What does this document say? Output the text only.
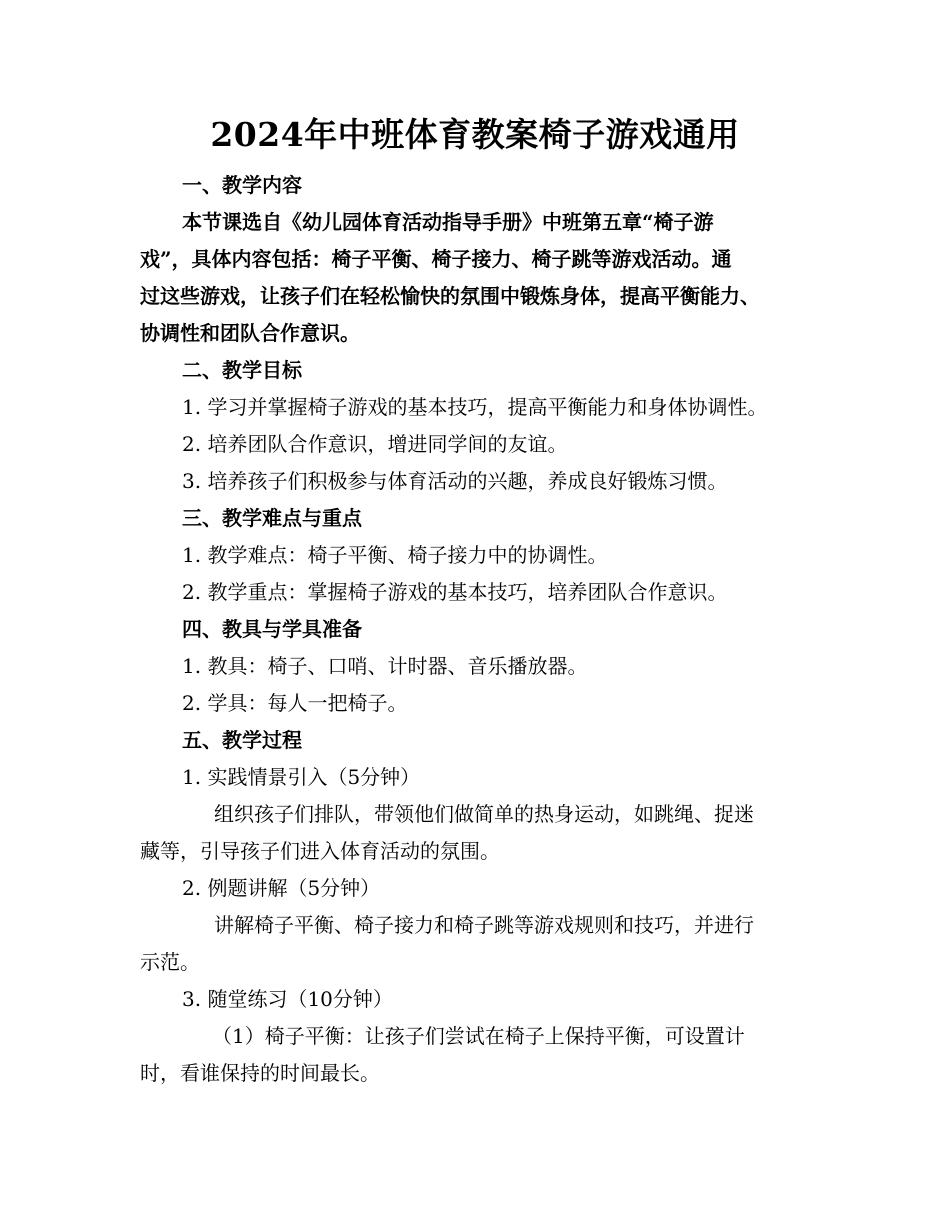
2024年中班体育教案椅子游戏通用
一、教学内容
本节课选自《幼儿园体育活动指导手册》中班第五章“椅子游
戏”，具体内容包括：椅子平衡、椅子接力、椅子跳等游戏活动。通
过这些游戏，让孩子们在轻松愉快的氛围中锻炼身体，提高平衡能力、
协调性和团队合作意识。
二、教学目标
1. 学习并掌握椅子游戏的基本技巧，提高平衡能力和身体协调性。
2. 培养团队合作意识，增进同学间的友谊。
3. 培养孩子们积极参与体育活动的兴趣，养成良好锻炼习惯。
三、教学难点与重点
1. 教学难点：椅子平衡、椅子接力中的协调性。
2. 教学重点：掌握椅子游戏的基本技巧，培养团队合作意识。
四、教具与学具准备
1. 教具：椅子、口哨、计时器、音乐播放器。
2. 学具：每人一把椅子。
五、教学过程
1. 实践情景引入（5分钟）
组织孩子们排队，带领他们做简单的热身运动，如跳绳、捉迷
藏等，引导孩子们进入体育活动的氛围。
2. 例题讲解（5分钟）
讲解椅子平衡、椅子接力和椅子跳等游戏规则和技巧，并进行
示范。
3. 随堂练习（10分钟）
（1）椅子平衡：让孩子们尝试在椅子上保持平衡，可设置计
时，看谁保持的时间最长。
